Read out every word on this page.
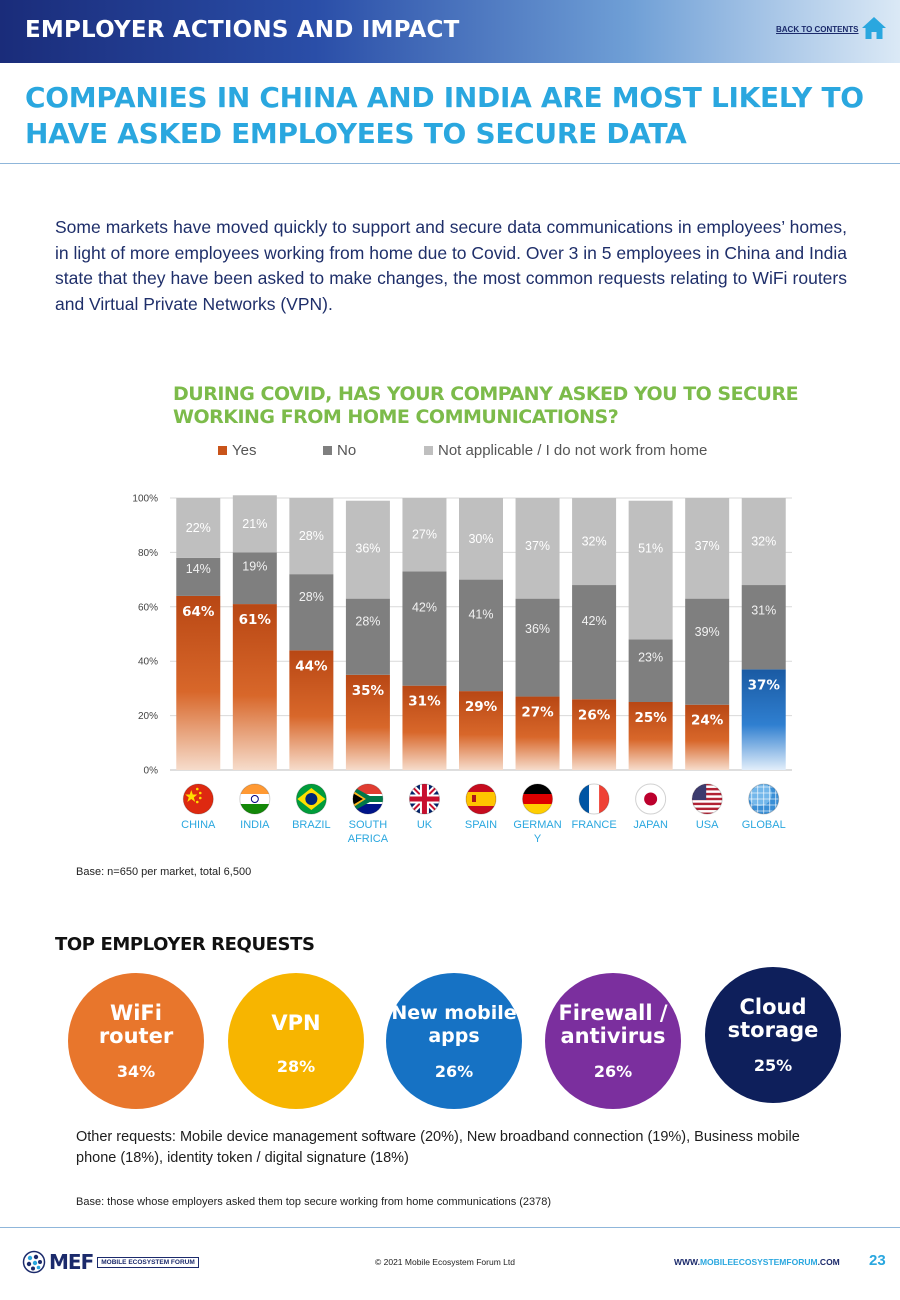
EMPLOYER ACTIONS AND IMPACT	BACK TO CONTENTS
COMPANIES IN CHINA AND INDIA ARE MOST LIKELY TO HAVE ASKED EMPLOYEES TO SECURE DATA
Some markets have moved quickly to support and secure data communications in employees’ homes, in light of more employees working from home due to Covid. Over 3 in 5 employees in China and India state that they have been asked to make changes, the most common requests relating to WiFi routers and Virtual Private Networks (VPN).
DURING COVID, HAS YOUR COMPANY ASKED YOU TO SECURE WORKING FROM HOME COMMUNICATIONS?
Yes	No	Not applicable / I do not work from home
0%
20%
40%
60%
80%
100%
64%
14%
22%
61%
19%
21%
44%
28%
28%
35%
28%
36%
31%
42%
27%
29%
41%
30%
27%
36%
37%
26%
42%
32%
25%
23%
51%
24%
39%
37%
37%
31%
32%
CHINA INDIA BRAZIL SOUTH
AFRICA
UK	SPAIN GERMAN
Y
FRANCE JAPAN	USA GLOBAL
Base: n=650 per market, total 6,500
TOP EMPLOYER REQUESTS
WiFi router
34%
VPN
28%
New mobile apps
26%
Firewall / antivirus
26%
Cloud storage
25%
Other requests: Mobile device management software (20%), New broadband connection (19%), Business mobile phone (18%), identity token / digital signature (18%)
Base: those whose employers asked them top secure working from home communications (2378)
MEF	MOBILE ECOSYSTEM FORUM	© 2021 Mobile Ecosystem Forum Ltd	WWW.MOBILEECOSYSTEMFORUM.COM 23
